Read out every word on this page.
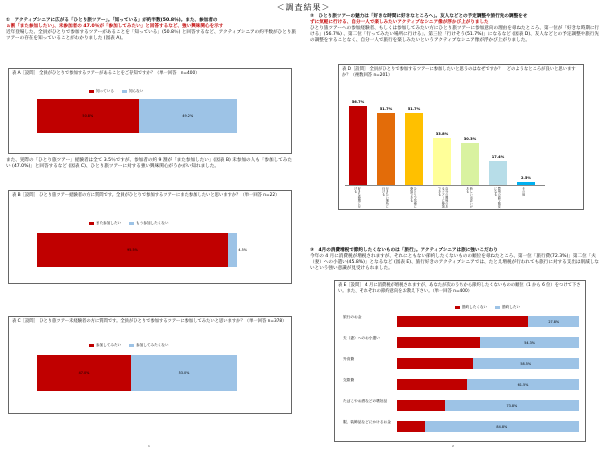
＜調査結果＞
①　アクティブシニアに広がる「ひとり旅ツアー」。「知っている」が約半数(50.8％)。また、参加者の
ａ割「また参加したい」、未参加者の 47.0％が「参加してみたい」と回答するなど、強い興味関心を示す
近年登場した、全員がひとりで参加するツアーがあることを「知っている」(50.8％) と回答するなど、アクティブシニアの約半数がひとり旅ツアーの存在を知っていることがわかりました (図表 A)。
表 A［設問］ 全員がひとりで参加するツアーがあることをご存知ですか？（単一回答　n=400）
知っている	知らない
50.8%	49.2%
また、実際の「ひとり旅ツアー」経験者は全て 3.5％ですが、参加者の約 9 割が「また参加したい」(図表 B) 未参加の人も「参加してみたい (47.0%)」と回答するなど (図表 C)、ひとり旅ツアーに対する強い興味関心がうかがい知れました。
表 B［設問］ ひとり旅ツアー経験者の方に質問です。全員がひとりで参加するツアーにまた参加したいと思いますか？（単一回答 n=22）
また参加したい	もう参加したくない
95.5%	4.5%
表 C［設問］ ひとり旅ツアー未経験者の方に質問です。全員がひとりで参加するツアーに参加してみたいと思いますか？（単一回答 n=378）
参加してみたい	参加してみたくない
47.0%	53.0%
1
②　ひとり旅ツアーの魅力は「好きな時間に好きなところへ」。友人などとの予定調整や旅行先の調整をせ
ずに気軽に行ける、自分一人で楽しみたいアクティブなシニア像が浮かび上がりました
ひとり旅ツアーへの参加経験者、もしくは参加してみたい方にひとり旅ツアーに参加意向の理由を尋ねたところ、第一位が「好きな時期に行ける」(56.7%) 、第二位「行ってみたい場所に行ける」、第三位「行けそう(51.7%)」になるなど (図表 D)、友人などとの予定調整や旅行先の調整をすることなく、自分一人で旅行を楽しみたいというアクティブなシニア像が浮かび上がりました。
表 D［設問］ 全員がひとりで参加するツアーに参加したいと思うのはなぜですか？　どのようなところが良いと思いますか？（複数回答 n=201）
56.7%
好きな時期に行ける
51.7%
行きたい場所に行ける
51.7%
ひとりで気楽に参加できる
33.8%
自分の興味のあるツアーに参加できる
30.3%
新しい出会いがある
17.4%
費用の面で割安になる
2.5%
その他
③　4月の消費増税で節約したくないものは「旅行」。アクティブシニアは旅に強いこだわり
今年の 4 月に消費税が増税されますが、それにともない節約したくないものの順位を尋ねたところ、第一位「旅行費(72.3%)」第二位「夫（妻）への小遣い(45.8%)」となるなど (図表 E)、旅行好きのアクティブシニアでは、たとえ増税が行われても旅行に対する支出は削減しないという強い意識が見受けられました。
表 E［設問］ 4 月に消費税が増税されますが、あなたが次のうちから節約したくないものの順位（1 から 6 位）をつけて下さい。また、それぞれの節約意向をお教え下さい。（単一回答 n=400）
節約したくない	節約したい
旅行のお金
27.8%
夫（妻）へのお小遣い
54.3%
外食費
58.5%
交際費
61.5%
たばこやお酒などの嗜好品
73.8%
服、装飾品などにかけるお金
84.8%
2
